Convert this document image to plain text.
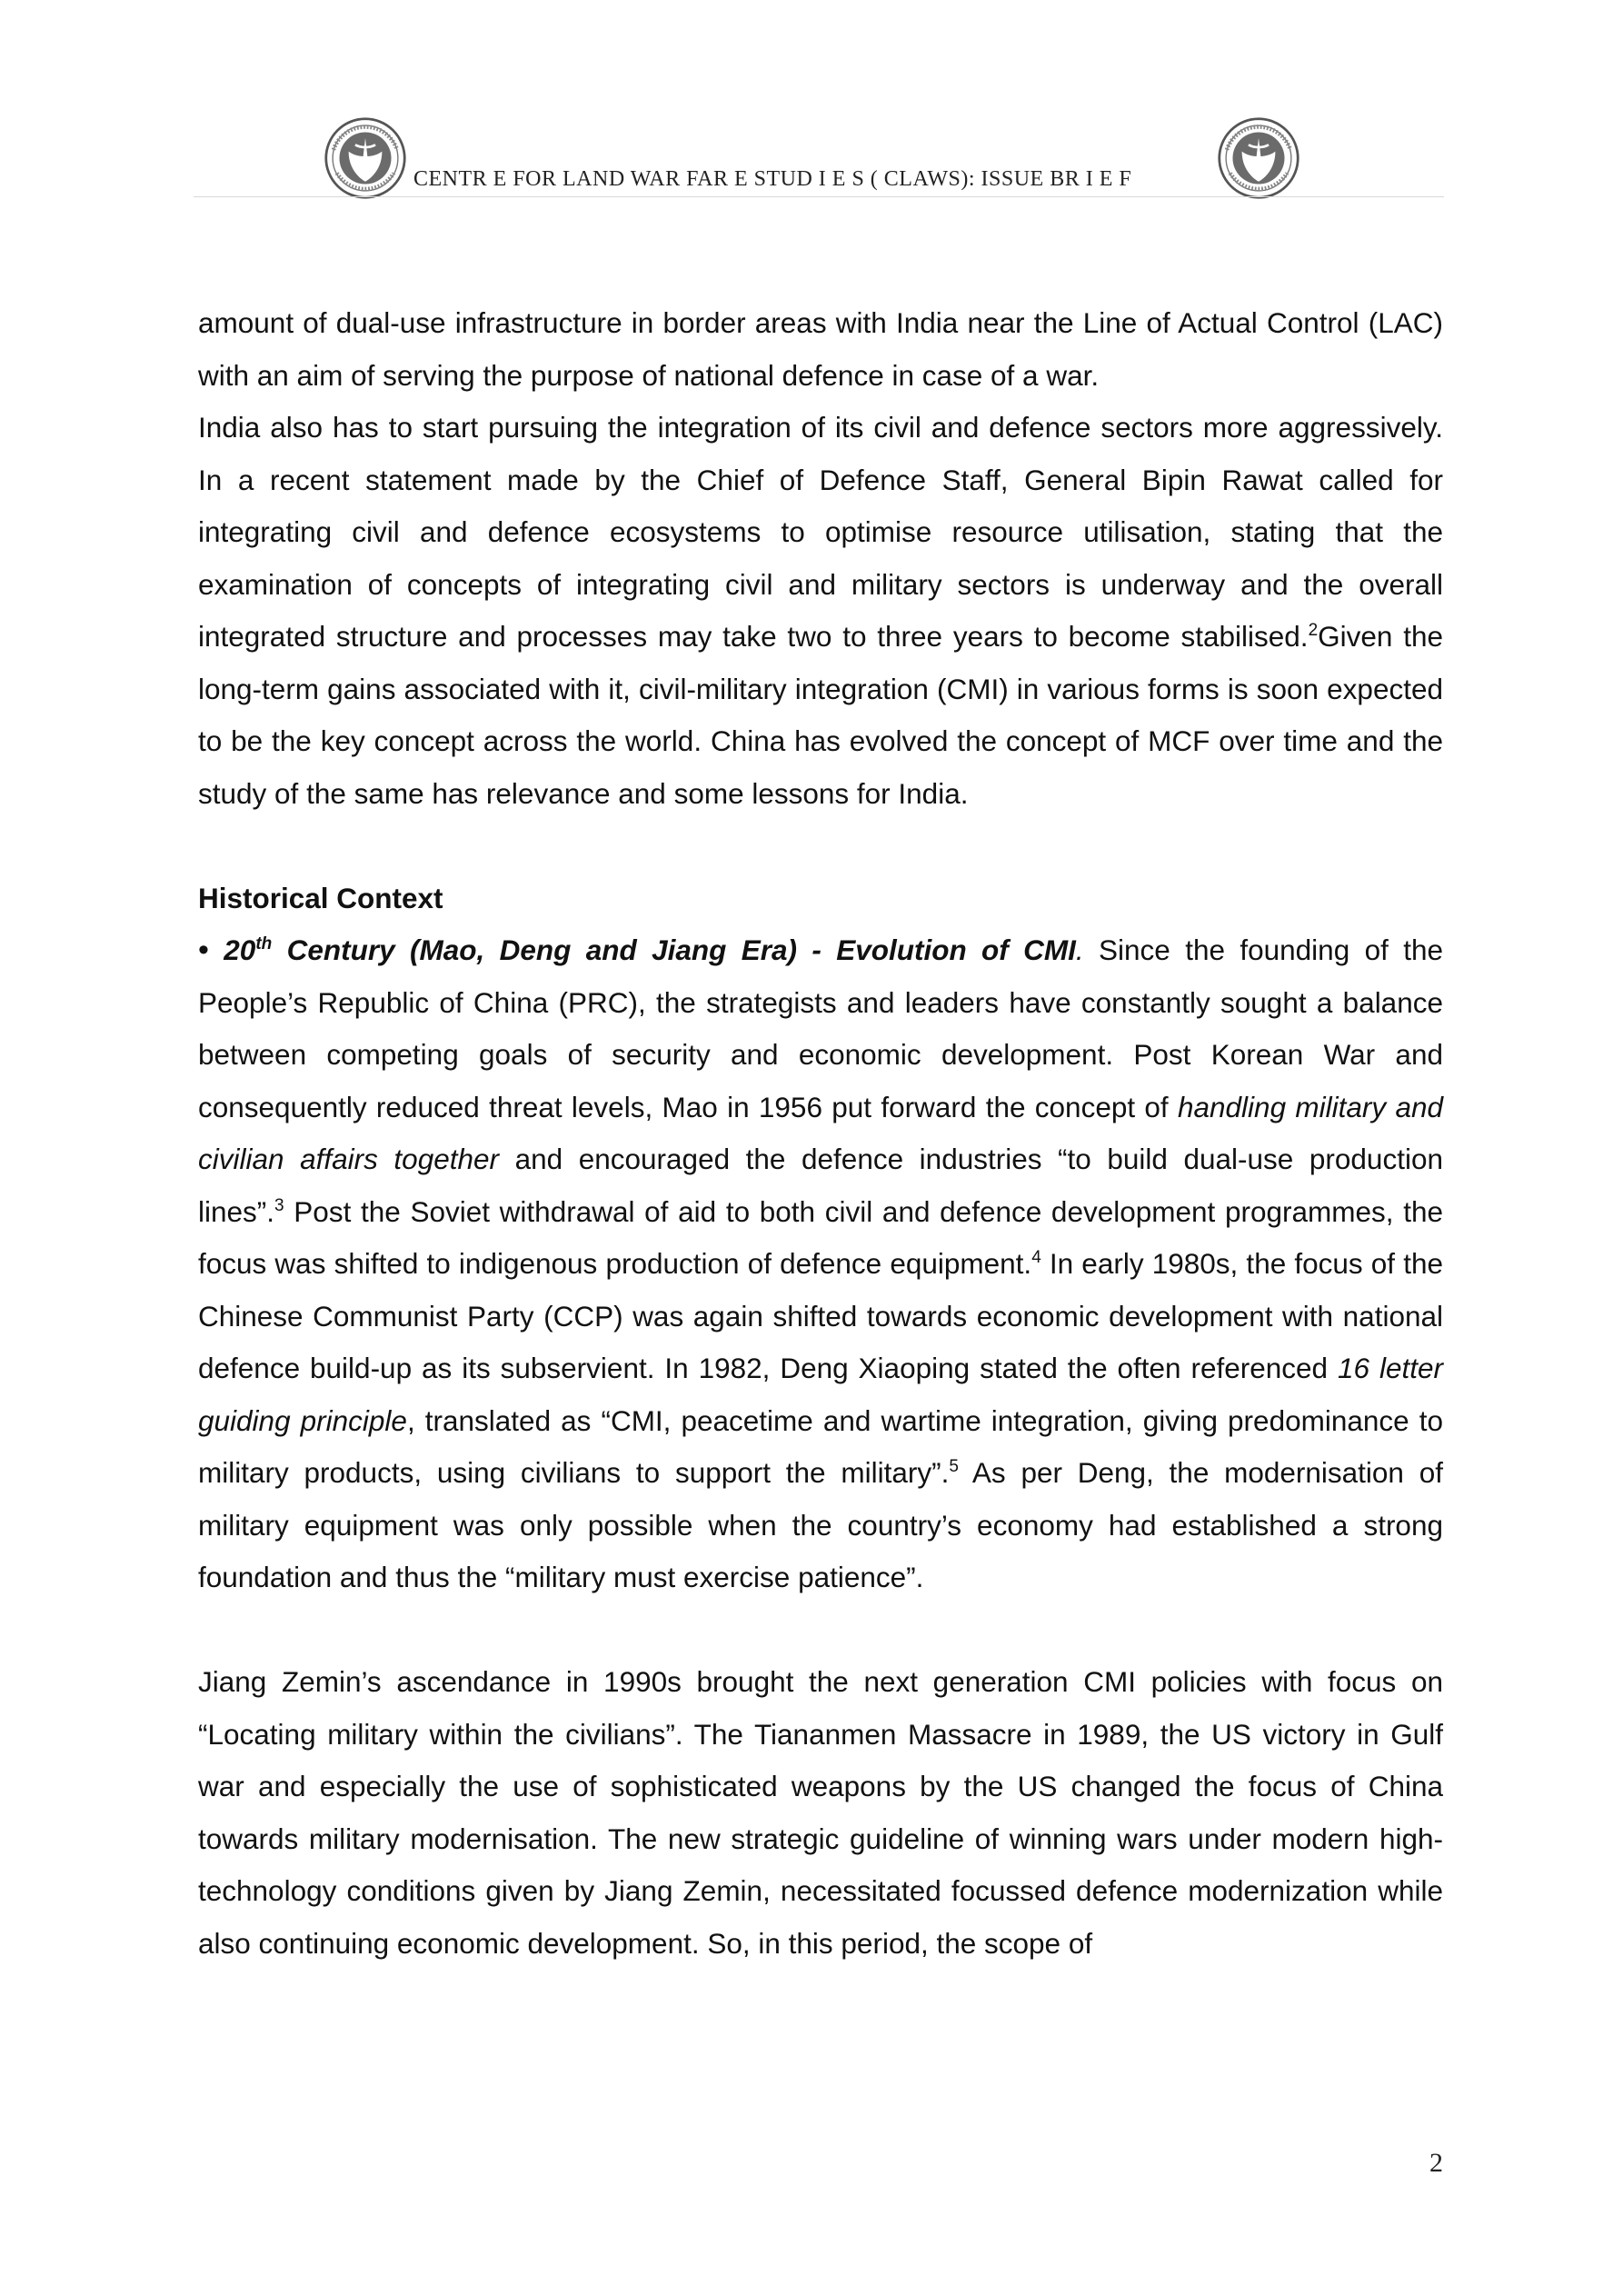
CENTR E FOR LAND WAR FAR E STUD I E S ( CLAWS): ISSUE BR I E F

amount of dual-use infrastructure in border areas with India near the Line of Actual Control (LAC) with an aim of serving the purpose of national defence in case of a war.

India also has to start pursuing the integration of its civil and defence sectors more aggressively. In a recent statement made by the Chief of Defence Staff, General Bipin Rawat called for integrating civil and defence ecosystems to optimise resource utilisation, stating that the examination of concepts of integrating civil and military sectors is underway and the overall integrated structure and processes may take two to three years to become stabilised.$^2$Given the long-term gains associated with it, civil-military integration (CMI) in various forms is soon expected to be the key concept across the world. China has evolved the concept of MCF over time and the study of the same has relevance and some lessons for India.

Historical Context

• 20th Century (Mao, Deng and Jiang Era) - Evolution of CMI. Since the founding of the People’s Republic of China (PRC), the strategists and leaders have constantly sought a balance between competing goals of security and economic development. Post Korean War and consequently reduced threat levels, Mao in 1956 put forward the concept of handling military and civilian affairs together and encouraged the defence industries “to build dual-use production lines”.$^3$ Post the Soviet withdrawal of aid to both civil and defence development programmes, the focus was shifted to indigenous production of defence equipment.$^4$ In early 1980s, the focus of the Chinese Communist Party (CCP) was again shifted towards economic development with national defence build-up as its subservient. In 1982, Deng Xiaoping stated the often referenced 16 letter guiding principle, translated as “CMI, peacetime and wartime integration, giving predominance to military products, using civilians to support the military”.$^5$ As per Deng, the modernisation of military equipment was only possible when the country’s economy had established a strong foundation and thus the “military must exercise patience”.

Jiang Zemin’s ascendance in 1990s brought the next generation CMI policies with focus on “Locating military within the civilians”. The Tiananmen Massacre in 1989, the US victory in Gulf war and especially the use of sophisticated weapons by the US changed the focus of China towards military modernisation. The new strategic guideline of winning wars under modern high-technology conditions given by Jiang Zemin, necessitated focussed defence modernization while also continuing economic development. So, in this period, the scope of

2
